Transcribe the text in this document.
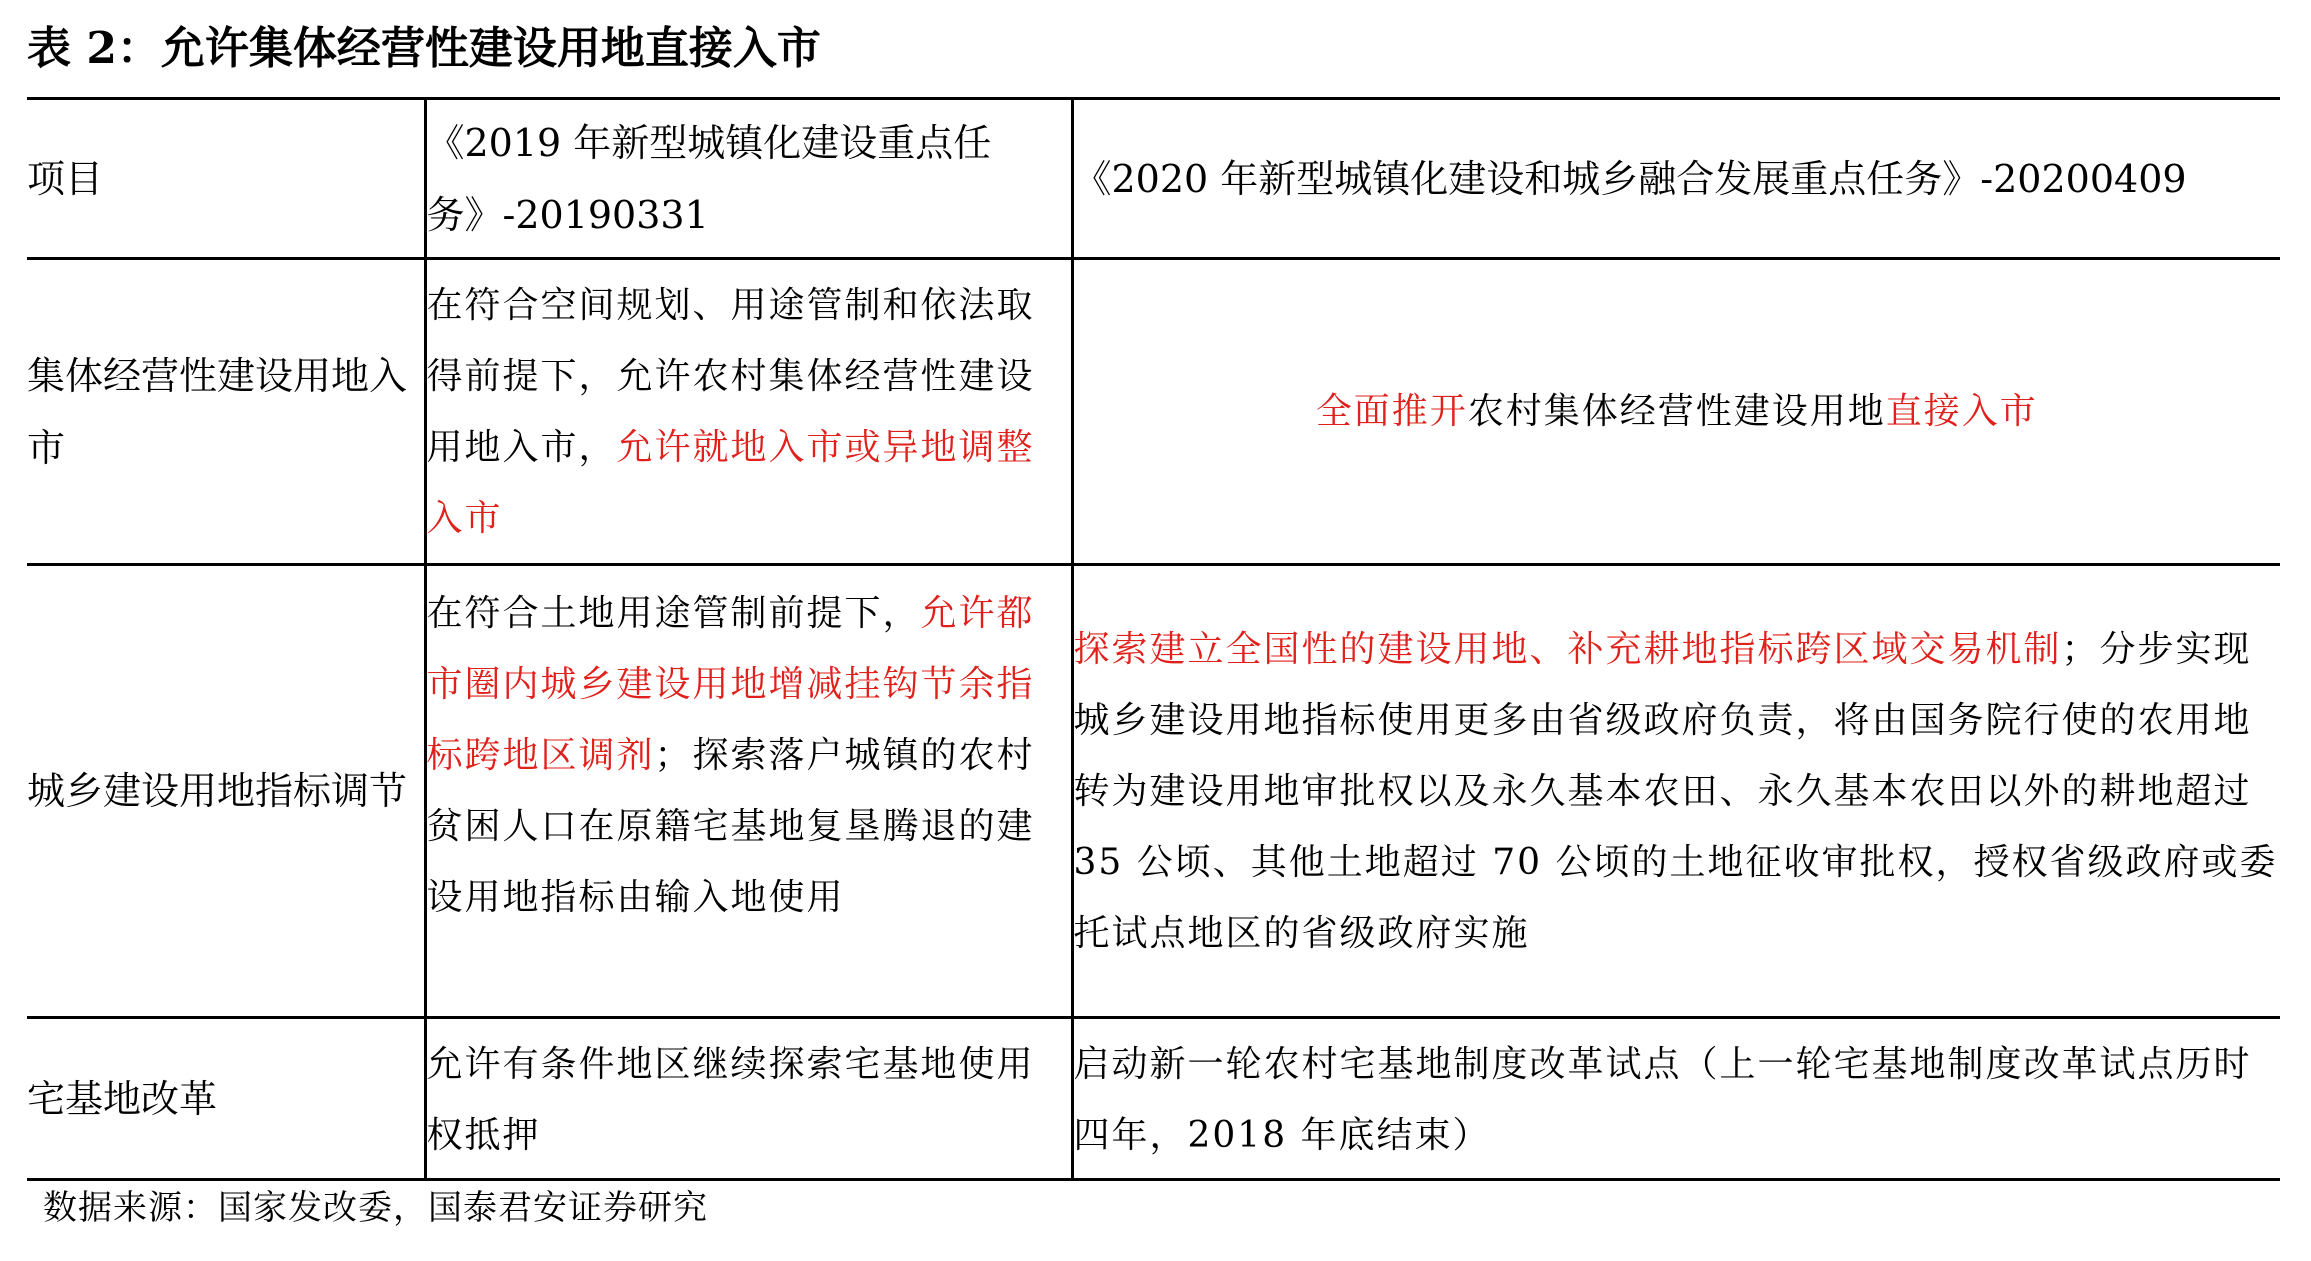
表 2：允许集体经营性建设用地直接入市
项目	《2019 年新型城镇化建设重点任务》-20190331	《2020 年新型城镇化建设和城乡融合发展重点任务》-20200409
集体经营性建设用地入市	在符合空间规划、用途管制和依法取得前提下，允许农村集体经营性建设用地入市，允许就地入市或异地调整入市	全面推开农村集体经营性建设用地直接入市
城乡建设用地指标调节	在符合土地用途管制前提下，允许都市圈内城乡建设用地增减挂钩节余指标跨地区调剂；探索落户城镇的农村贫困人口在原籍宅基地复垦腾退的建设用地指标由输入地使用	探索建立全国性的建设用地、补充耕地指标跨区域交易机制；分步实现城乡建设用地指标使用更多由省级政府负责，将由国务院行使的农用地转为建设用地审批权以及永久基本农田、永久基本农田以外的耕地超过 35 公顷、其他土地超过 70 公顷的土地征收审批权，授权省级政府或委托试点地区的省级政府实施
宅基地改革	允许有条件地区继续探索宅基地使用权抵押	启动新一轮农村宅基地制度改革试点（上一轮宅基地制度改革试点历时四年，2018 年底结束）
数据来源：国家发改委，国泰君安证券研究
